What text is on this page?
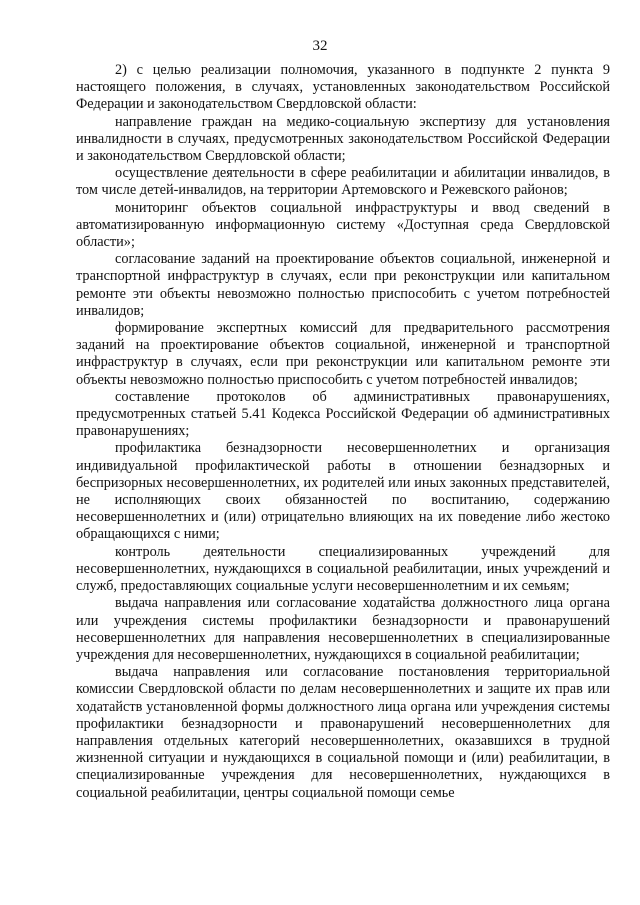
32

2) с целью реализации полномочия, указанного в подпункте 2 пункта 9 настоящего положения, в случаях, установленных законодательством Российской Федерации и законодательством Свердловской области:

направление граждан на медико-социальную экспертизу для установления инвалидности в случаях, предусмотренных законодательством Российской Федерации и законодательством Свердловской области;

осуществление деятельности в сфере реабилитации и абилитации инвалидов, в том числе детей-инвалидов, на территории Артемовского и Режевского районов;

мониторинг объектов социальной инфраструктуры и ввод сведений в автоматизированную информационную систему «Доступная среда Свердловской области»;

согласование заданий на проектирование объектов социальной, инженерной и транспортной инфраструктур в случаях, если при реконструкции или капитальном ремонте эти объекты невозможно полностью приспособить с учетом потребностей инвалидов;

формирование экспертных комиссий для предварительного рассмотрения заданий на проектирование объектов социальной, инженерной и транспортной инфраструктур в случаях, если при реконструкции или капитальном ремонте эти объекты невозможно полностью приспособить с учетом потребностей инвалидов;

составление протоколов об административных правонарушениях, предусмотренных статьей 5.41 Кодекса Российской Федерации об административных правонарушениях;

профилактика безнадзорности несовершеннолетних и организация индивидуальной профилактической работы в отношении безнадзорных и беспризорных несовершеннолетних, их родителей или иных законных представителей, не исполняющих своих обязанностей по воспитанию, содержанию несовершеннолетних и (или) отрицательно влияющих на их поведение либо жестоко обращающихся с ними;

контроль деятельности специализированных учреждений для несовершеннолетних, нуждающихся в социальной реабилитации, иных учреждений и служб, предоставляющих социальные услуги несовершеннолетним и их семьям;

выдача направления или согласование ходатайства должностного лица органа или учреждения системы профилактики безнадзорности и правонарушений несовершеннолетних для направления несовершеннолетних в специализированные учреждения для несовершеннолетних, нуждающихся в социальной реабилитации;

выдача направления или согласование постановления территориальной комиссии Свердловской области по делам несовершеннолетних и защите их прав или ходатайств установленной формы должностного лица органа или учреждения системы профилактики безнадзорности и правонарушений несовершеннолетних для направления отдельных категорий несовершеннолетних, оказавшихся в трудной жизненной ситуации и нуждающихся в социальной помощи и (или) реабилитации, в специализированные учреждения для несовершеннолетних, нуждающихся в социальной реабилитации, центры социальной помощи семье
